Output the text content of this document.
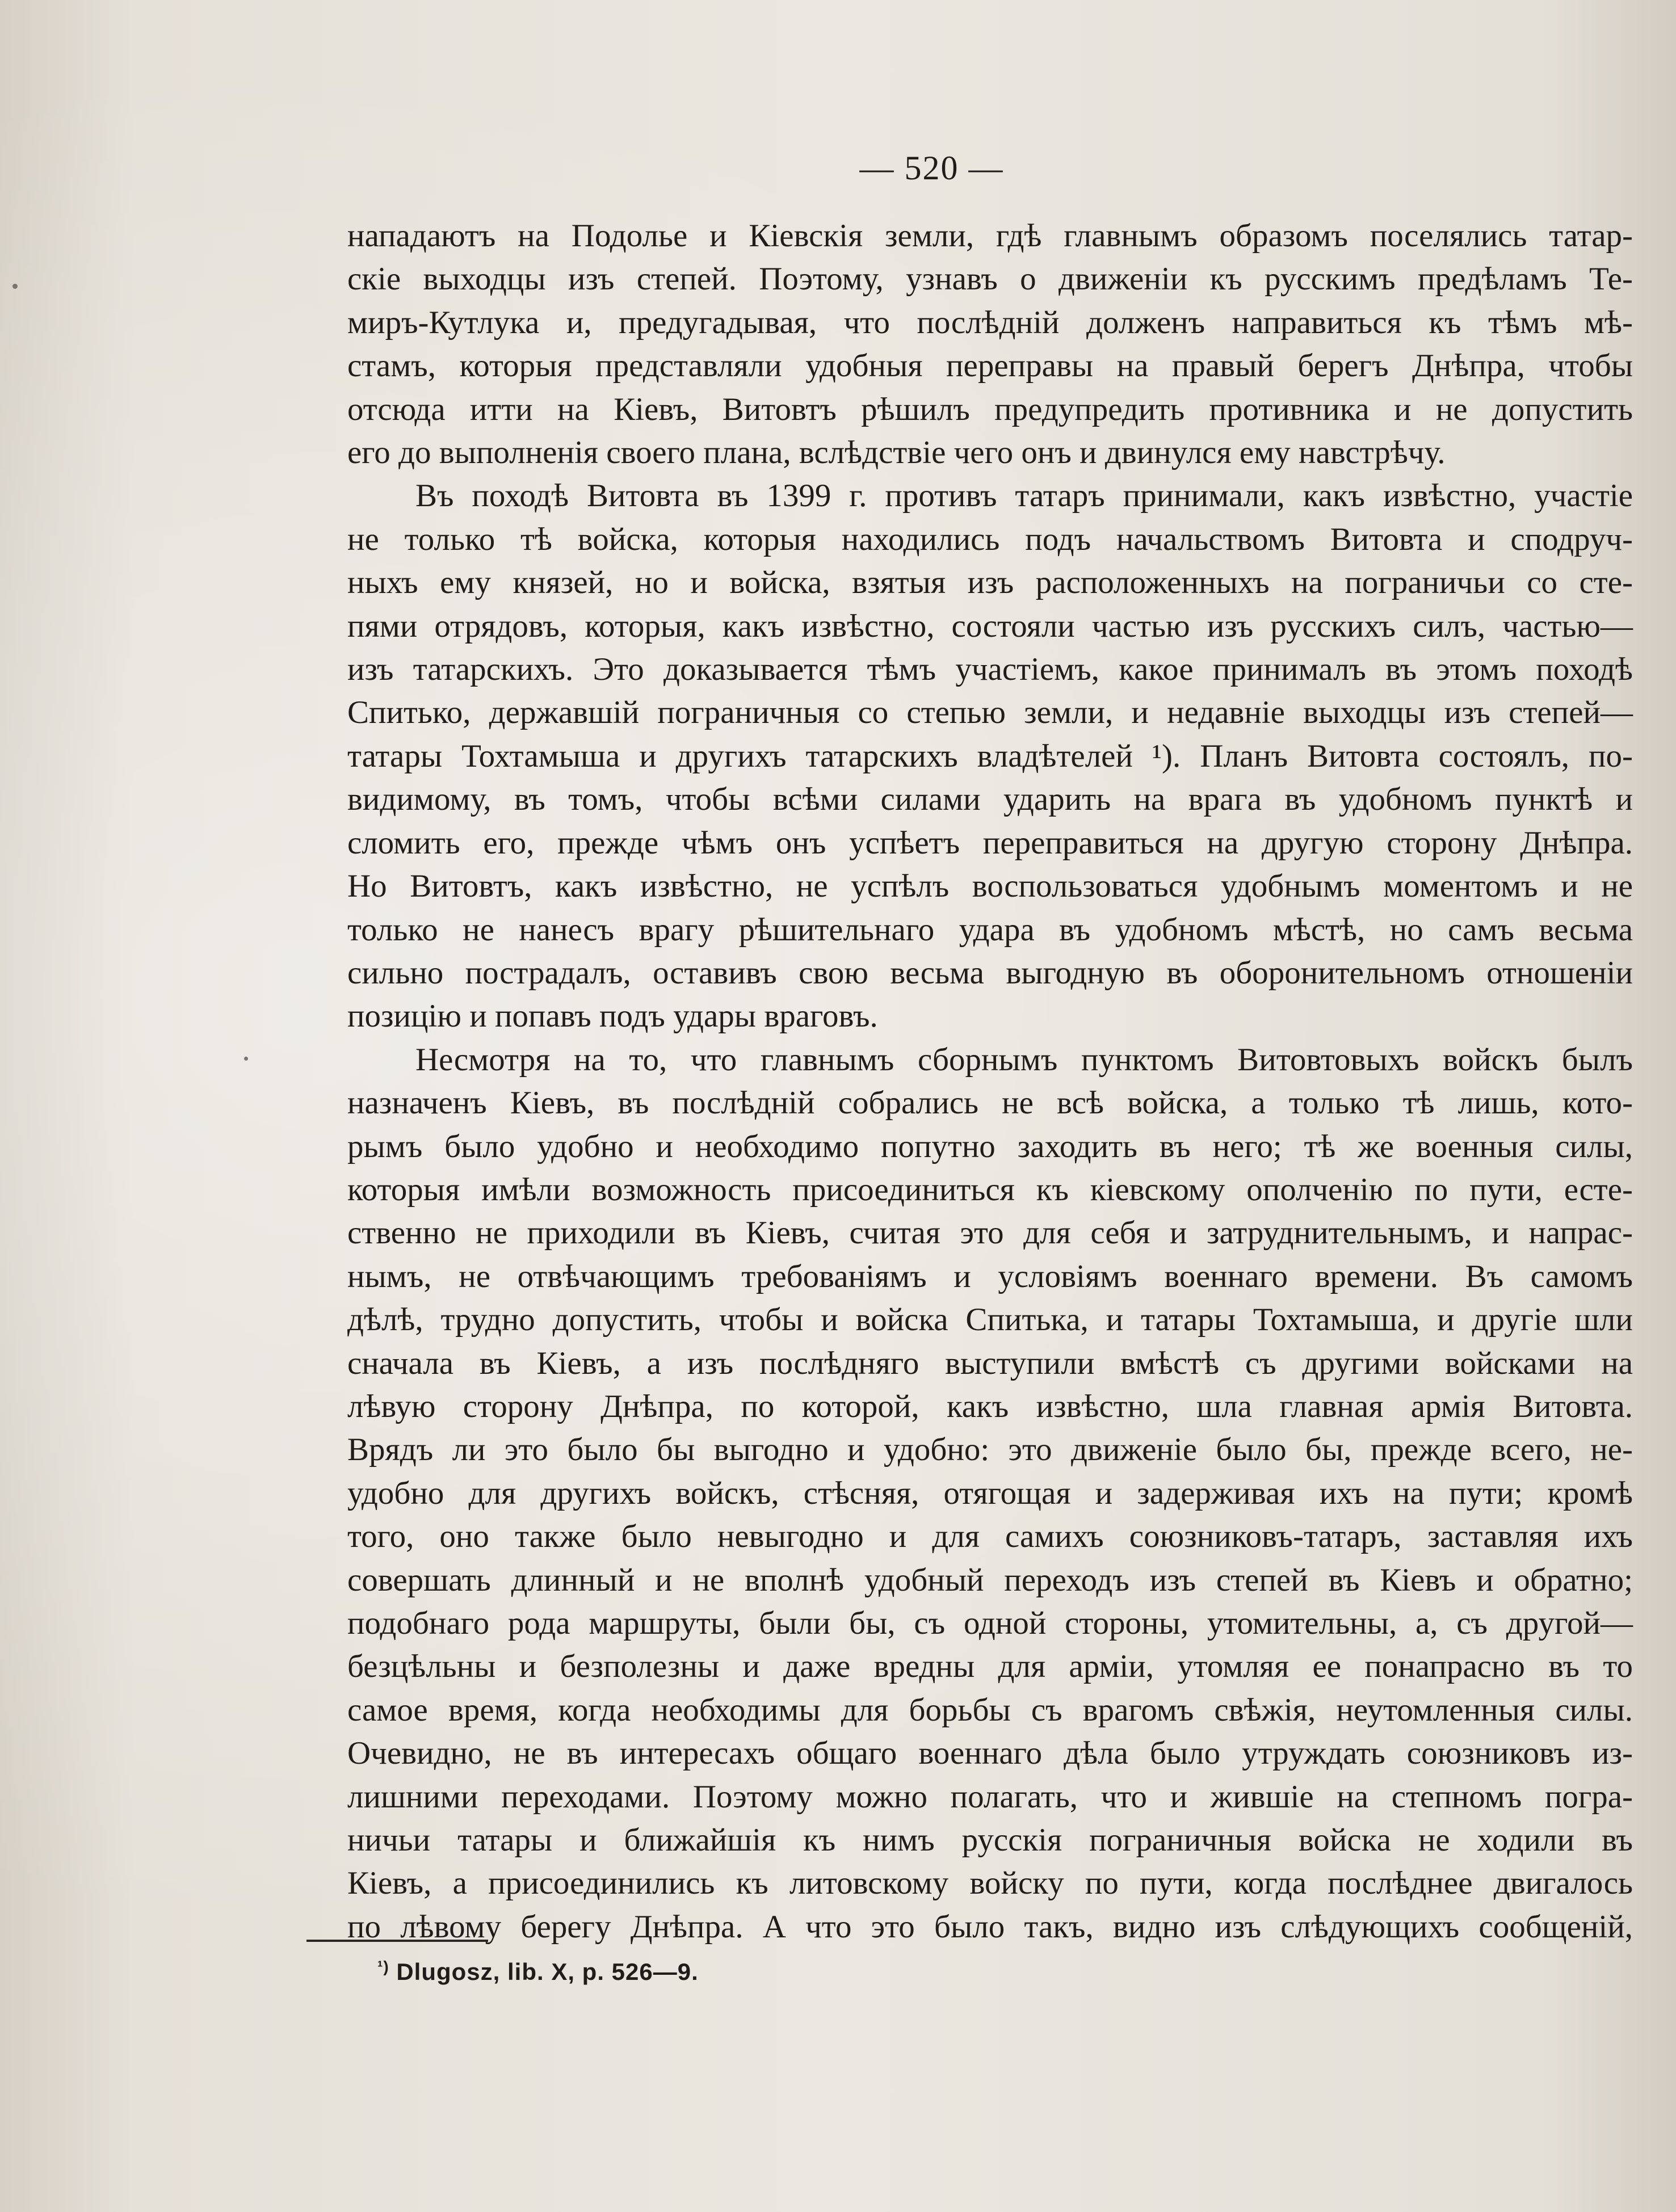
— 520 —

нападаютъ на Подолье и Кіевскія земли, гдѣ главнымъ образомъ поселялись татар-
скіе выходцы изъ степей. Поэтому, узнавъ о движеніи къ русскимъ предѣламъ Те-
миръ-Кутлука и, предугадывая, что послѣдній долженъ направиться къ тѣмъ мѣ-
стамъ, которыя представляли удобныя переправы на правый берегъ Днѣпра, чтобы
отсюда итти на Кіевъ, Витовтъ рѣшилъ предупредить противника и не допустить
его до выполненія своего плана, вслѣдствіе чего онъ и двинулся ему навстрѣчу.

Въ походѣ Витовта въ 1399 г. противъ татаръ принимали, какъ извѣстно, участіе
не только тѣ войска, которыя находились подъ начальствомъ Витовта и сподруч-
ныхъ ему князей, но и войска, взятыя изъ расположенныхъ на пограничьи со сте-
пями отрядовъ, которыя, какъ извѣстно, состояли частью изъ русскихъ силъ, частью—
изъ татарскихъ. Это доказывается тѣмъ участіемъ, какое принималъ въ этомъ походѣ
Спитько, державшій пограничныя со степью земли, и недавніе выходцы изъ степей—
татары Тохтамыша и другихъ татарскихъ владѣтелей ¹). Планъ Витовта состоялъ, по-
видимому, въ томъ, чтобы всѣми силами ударить на врага въ удобномъ пунктѣ и
сломить его, прежде чѣмъ онъ успѣетъ переправиться на другую сторону Днѣпра.
Но Витовтъ, какъ извѣстно, не успѣлъ воспользоваться удобнымъ моментомъ и не
только не нанесъ врагу рѣшительнаго удара въ удобномъ мѣстѣ, но самъ весьма
сильно пострадалъ, оставивъ свою весьма выгодную въ оборонительномъ отношеніи
позицію и попавъ подъ удары враговъ.

Несмотря на то, что главнымъ сборнымъ пунктомъ Витовтовыхъ войскъ былъ
назначенъ Кіевъ, въ послѣдній собрались не всѣ войска, а только тѣ лишь, кото-
рымъ было удобно и необходимо попутно заходить въ него; тѣ же военныя силы,
которыя имѣли возможность присоединиться къ кіевскому ополченію по пути, есте-
ственно не приходили въ Кіевъ, считая это для себя и затруднительнымъ, и напрас-
нымъ, не отвѣчающимъ требованіямъ и условіямъ военнаго времени. Въ самомъ
дѣлѣ, трудно допустить, чтобы и войска Спитька, и татары Тохтамыша, и другіе шли
сначала въ Кіевъ, а изъ послѣдняго выступили вмѣстѣ съ другими войсками на
лѣвую сторону Днѣпра, по которой, какъ извѣстно, шла главная армія Витовта.
Врядъ ли это было бы выгодно и удобно: это движеніе было бы, прежде всего, не-
удобно для другихъ войскъ, стѣсняя, отягощая и задерживая ихъ на пути; кромѣ
того, оно также было невыгодно и для самихъ союзниковъ-татаръ, заставляя ихъ
совершать длинный и не вполнѣ удобный переходъ изъ степей въ Кіевъ и обратно;
подобнаго рода маршруты, были бы, съ одной стороны, утомительны, а, съ другой—
безцѣльны и безполезны и даже вредны для арміи, утомляя ее понапрасно въ то
самое время, когда необходимы для борьбы съ врагомъ свѣжія, неутомленныя силы.
Очевидно, не въ интересахъ общаго военнаго дѣла было утруждать союзниковъ из-
лишними переходами. Поэтому можно полагать, что и жившіе на степномъ погра-
ничьи татары и ближайшія къ нимъ русскія пограничныя войска не ходили въ
Кіевъ, а присоединились къ литовскому войску по пути, когда послѣднее двигалось
по лѣвому берегу Днѣпра. А что это было такъ, видно изъ слѣдующихъ сообщеній,

$^{^1)}$ Dlugosz, lib. X, p. 526—9.
